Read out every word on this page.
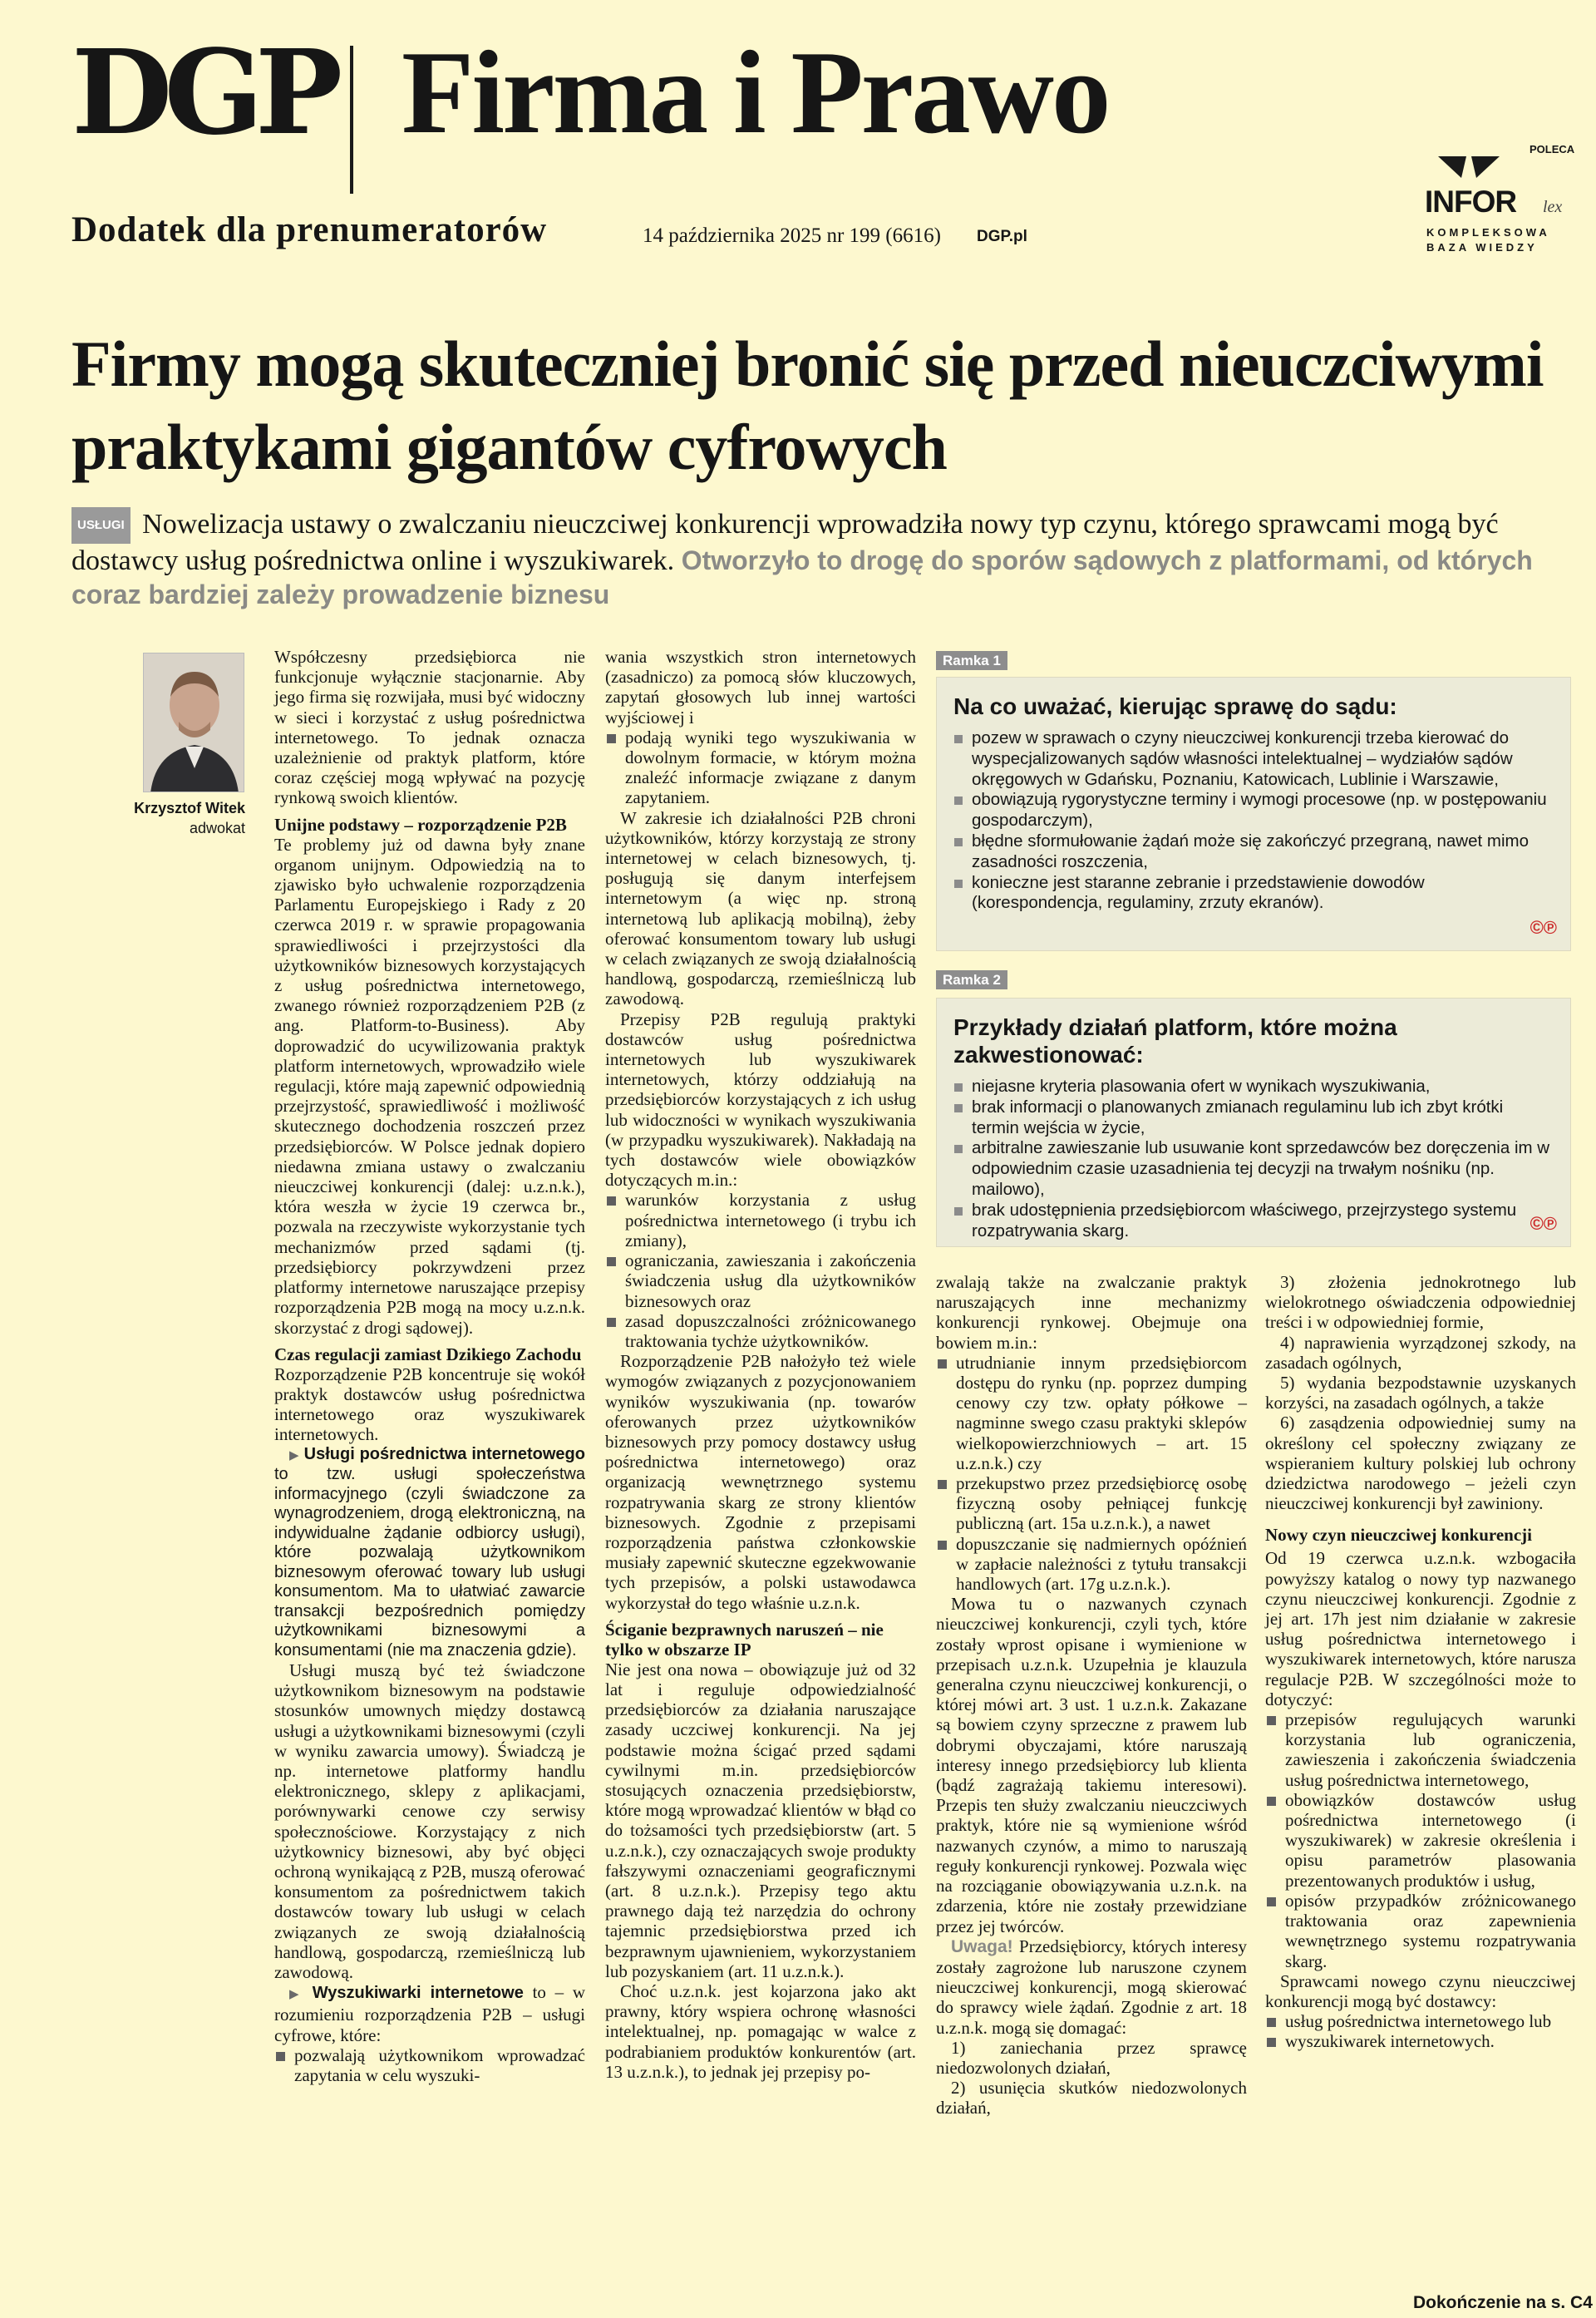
DGP Firma i Prawo
Dodatek dla prenumeratorów	14 października 2025 nr 199 (6616) DGP.pl
POLECA
INFOR lex
KOMPLEKSOWA
BAZA WIEDZY
Firmy mogą skuteczniej bronić się przed nieuczciwymi praktykami gigantów cyfrowych
USŁUGI Nowelizacja ustawy o zwalczaniu nieuczciwej konkurencji wprowadziła nowy typ czynu, którego sprawcami mogą być dostawcy usług pośrednictwa online i wyszukiwarek. Otworzyło to drogę do sporów sądowych z platformami, od których coraz bardziej zależy prowadzenie biznesu
Krzysztof Witek
adwokat

Współczesny przedsiębiorca nie funkcjonuje wyłącznie stacjonarnie. Aby jego firma się rozwijała, musi być widoczny w sieci i korzystać z usług pośrednictwa internetowego. To jednak oznacza uzależnienie od praktyk platform, które coraz częściej mogą wpływać na pozycję rynkową swoich klientów.

Unijne podstawy – rozporządzenie P2B

Te problemy już od dawna były znane organom unijnym. Odpowiedzią na to zjawisko było uchwalenie rozporządzenia Parlamentu Europejskiego i Rady z 20 czerwca 2019 r. w sprawie propagowania sprawiedliwości i przejrzystości dla użytkowników biznesowych korzystających z usług pośrednictwa internetowego, zwanego również rozporządzeniem P2B (z ang. Platform-to-Business). Aby doprowadzić do ucywilizowania praktyk platform internetowych, wprowadziło wiele regulacji, które mają zapewnić odpowiednią przejrzystość, sprawiedliwość i możliwość skutecznego dochodzenia roszczeń przez przedsiębiorców. W Polsce jednak dopiero niedawna zmiana ustawy o zwalczaniu nieuczciwej konkurencji (dalej: u.z.n.k.), która weszła w życie 19 czerwca br., pozwala na rzeczywiste wykorzystanie tych mechanizmów przed sądami (tj. przedsiębiorcy pokrzywdzeni przez platformy internetowe naruszające przepisy rozporządzenia P2B mogą na mocy u.z.n.k. skorzystać z drogi sądowej).

Czas regulacji zamiast Dzikiego Zachodu

Rozporządzenie P2B koncentruje się wokół praktyk dostawców usług pośrednictwa internetowego oraz wyszukiwarek internetowych.

▶ Usługi pośrednictwa internetowego to tzw. usługi społeczeństwa informacyjnego (czyli świadczone za wynagrodzeniem, drogą elektroniczną, na indywidualne żądanie odbiorcy usługi), które pozwalają użytkownikom biznesowym oferować towary lub usługi konsumentom. Ma to ułatwiać zawarcie transakcji bezpośrednich pomiędzy użytkownikami biznesowymi a konsumentami (nie ma znaczenia gdzie).

Usługi muszą być też świadczone użytkownikom biznesowym na podstawie stosunków umownych między dostawcą usługi a użytkownikami biznesowymi (czyli w wyniku zawarcia umowy). Świadczą je np. internetowe platformy handlu elektronicznego, sklepy z aplikacjami, porównywarki cenowe czy serwisy społecznościowe. Korzystający z nich użytkownicy biznesowi, aby być objęci ochroną wynikającą z P2B, muszą oferować konsumentom za pośrednictwem takich dostawców towary lub usługi w celach związanych ze swoją działalnością handlową, gospodarczą, rzemieślniczą lub zawodową.

▶ Wyszukiwarki internetowe to – w rozumieniu rozporządzenia P2B – usługi cyfrowe, które:

pozwalają użytkownikom wprowadzać zapytania w celu wyszuki-

wania wszystkich stron internetowych (zasadniczo) za pomocą słów kluczowych, zapytań głosowych lub innej wartości wyjściowej i

podają wyniki tego wyszukiwania w dowolnym formacie, w którym można znaleźć informacje związane z danym zapytaniem.

W zakresie ich działalności P2B chroni użytkowników, którzy korzystają ze strony internetowej w celach biznesowych, tj. posługują się danym interfejsem internetowym (a więc np. stroną internetową lub aplikacją mobilną), żeby oferować konsumentom towary lub usługi w celach związanych ze swoją działalnością handlową, gospodarczą, rzemieślniczą lub zawodową.

Przepisy P2B regulują praktyki dostawców usług pośrednictwa internetowych lub wyszukiwarek internetowych, którzy oddziałują na przedsiębiorców korzystających z ich usług lub widoczności w wynikach wyszukiwania (w przypadku wyszukiwarek). Nakładają na tych dostawców wiele obowiązków dotyczących m.in.:

warunków korzystania z usług pośrednictwa internetowego (i trybu ich zmiany),
ograniczania, zawieszania i zakończenia świadczenia usług dla użytkowników biznesowych oraz
zasad dopuszczalności zróżnicowanego traktowania tychże użytkowników.

Rozporządzenie P2B nałożyło też wiele wymogów związanych z pozycjonowaniem wyników wyszukiwania (np. towarów oferowanych przez użytkowników biznesowych przy pomocy dostawcy usług pośrednictwa internetowego) oraz organizacją wewnętrznego systemu rozpatrywania skarg ze strony klientów biznesowych. Zgodnie z przepisami rozporządzenia państwa członkowskie musiały zapewnić skuteczne egzekwowanie tych przepisów, a polski ustawodawca wykorzystał do tego właśnie u.z.n.k.

Ściganie bezprawnych naruszeń – nie tylko w obszarze IP

Nie jest ona nowa – obowiązuje już od 32 lat i reguluje odpowiedzialność przedsiębiorców za działania naruszające zasady uczciwej konkurencji. Na jej podstawie można ścigać przed sądami cywilnymi m.in. przedsiębiorców stosujących oznaczenia przedsiębiorstw, które mogą wprowadzać klientów w błąd co do tożsamości tych przedsiębiorstw (art. 5 u.z.n.k.), czy oznaczających swoje produkty fałszywymi oznaczeniami geograficznymi (art. 8 u.z.n.k.). Przepisy tego aktu prawnego dają też narzędzia do ochrony tajemnic przedsiębiorstwa przed ich bezprawnym ujawnieniem, wykorzystaniem lub pozyskaniem (art. 11 u.z.n.k.).

Choć u.z.n.k. jest kojarzona jako akt prawny, który wspiera ochronę własności intelektualnej, np. pomagając w walce z podrabianiem produktów konkurentów (art. 13 u.z.n.k.), to jednak jej przepisy po-

Ramka 1
Na co uważać, kierując sprawę do sądu:
pozew w sprawach o czyny nieuczciwej konkurencji trzeba kierować do wyspecjalizowanych sądów własności intelektualnej – wydziałów sądów okręgowych w Gdańsku, Poznaniu, Katowicach, Lublinie i Warszawie,
obowiązują rygorystyczne terminy i wymogi procesowe (np. w postępowaniu gospodarczym),
błędne sformułowanie żądań może się zakończyć przegraną, nawet mimo zasadności roszczenia,
konieczne jest staranne zebranie i przedstawienie dowodów (korespondencja, regulaminy, zrzuty ekranów).
©℗
Ramka 2
Przykłady działań platform, które można zakwestionować:
niejasne kryteria plasowania ofert w wynikach wyszukiwania,
brak informacji o planowanych zmianach regulaminu lub ich zbyt krótki termin wejścia w życie,
arbitralne zawieszanie lub usuwanie kont sprzedawców bez doręczenia im w odpowiednim czasie uzasadnienia tej decyzji na trwałym nośniku (np. mailowo),
brak udostępnienia przedsiębiorcom właściwego, przejrzystego systemu rozpatrywania skarg.	©℗

zwalają także na zwalczanie praktyk naruszających inne mechanizmy konkurencji rynkowej. Obejmuje ona bowiem m.in.:

utrudnianie innym przedsiębiorcom dostępu do rynku (np. poprzez dumping cenowy czy tzw. opłaty półkowe – nagminne swego czasu praktyki sklepów wielkopowierzchniowych – art. 15 u.z.n.k.) czy
przekupstwo przez przedsiębiorcę osobę fizyczną osoby pełniącej funkcję publiczną (art. 15a u.z.n.k.), a nawet
dopuszczanie się nadmiernych opóźnień w zapłacie należności z tytułu transakcji handlowych (art. 17g u.z.n.k.).

Mowa tu o nazwanych czynach nieuczciwej konkurencji, czyli tych, które zostały wprost opisane i wymienione w przepisach u.z.n.k. Uzupełnia je klauzula generalna czynu nieuczciwej konkurencji, o której mówi art. 3 ust. 1 u.z.n.k. Zakazane są bowiem czyny sprzeczne z prawem lub dobrymi obyczajami, które naruszają interesy innego przedsiębiorcy lub klienta (bądź zagrażają takiemu interesowi). Przepis ten służy zwalczaniu nieuczciwych praktyk, które nie są wymienione wśród nazwanych czynów, a mimo to naruszają reguły konkurencji rynkowej. Pozwala więc na rozciąganie obowiązywania u.z.n.k. na zdarzenia, które nie zostały przewidziane przez jej twórców.

Uwaga! Przedsiębiorcy, których interesy zostały zagrożone lub naruszone czynem nieuczciwej konkurencji, mogą skierować do sprawcy wiele żądań. Zgodnie z art. 18 u.z.n.k. mogą się domagać:

1) zaniechania przez sprawcę niedozwolonych działań,

2) usunięcia skutków niedozwolonych działań,

3) złożenia jednokrotnego lub wielokrotnego oświadczenia odpowiedniej treści i w odpowiedniej formie,

4) naprawienia wyrządzonej szkody, na zasadach ogólnych,

5) wydania bezpodstawnie uzyskanych korzyści, na zasadach ogólnych, a także

6) zasądzenia odpowiedniej sumy na określony cel społeczny związany ze wspieraniem kultury polskiej lub ochrony dziedzictwa narodowego – jeżeli czyn nieuczciwej konkurencji był zawiniony.

Nowy czyn nieuczciwej konkurencji

Od 19 czerwca u.z.n.k. wzbogaciła powyższy katalog o nowy typ nazwanego czynu nieuczciwej konkurencji. Zgodnie z jej art. 17h jest nim działanie w zakresie usług pośrednictwa internetowego i wyszukiwarek internetowych, które narusza regulacje P2B. W szczególności może to dotyczyć:

przepisów regulujących warunki korzystania lub ograniczenia, zawieszenia i zakończenia świadczenia usług pośrednictwa internetowego,
obowiązków dostawców usług pośrednictwa internetowego (i wyszukiwarek) w zakresie określenia i opisu parametrów plasowania prezentowanych produktów i usług,
opisów przypadków zróżnicowanego traktowania oraz zapewnienia wewnętrznego systemu rozpatrywania skarg.

Sprawcami nowego czynu nieuczciwej konkurencji mogą być dostawcy:

usług pośrednictwa internetowego lub
wyszukiwarek internetowych.
Dokończenie na s. C4
